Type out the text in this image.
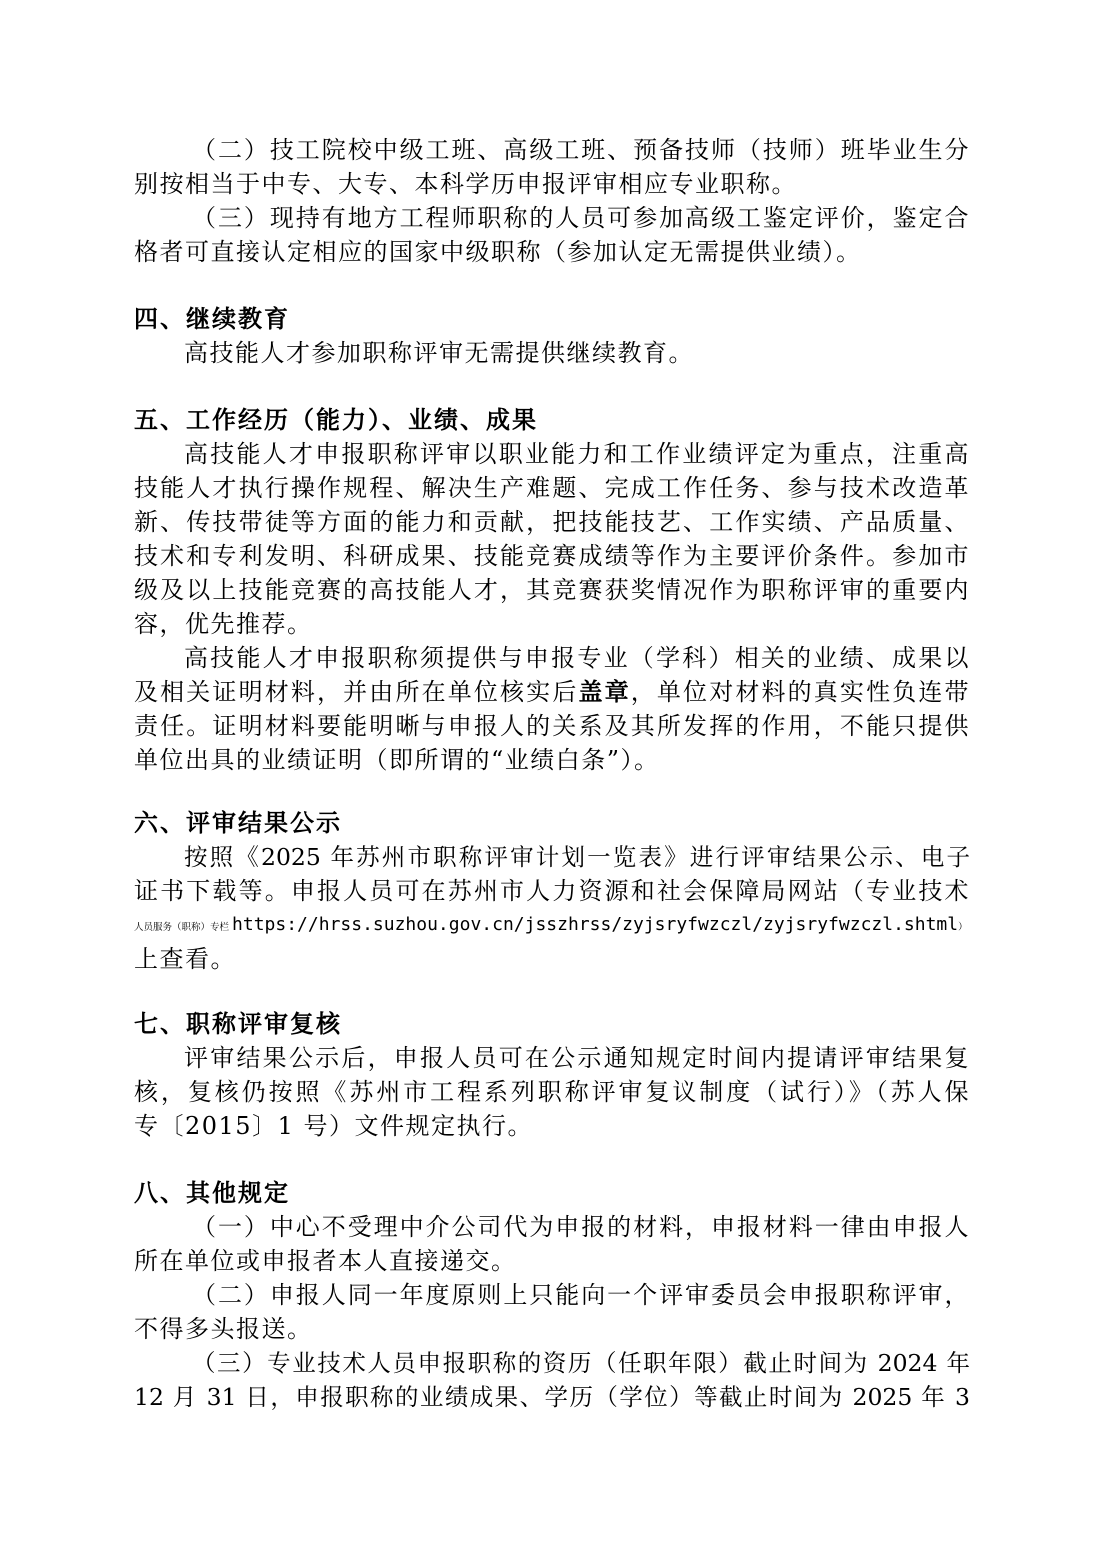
（二）技工院校中级工班、高级工班、预备技师（技师）班毕业生分
别按相当于中专、大专、本科学历申报评审相应专业职称。
（三）现持有地方工程师职称的人员可参加高级工鉴定评价，鉴定合
格者可直接认定相应的国家中级职称（参加认定无需提供业绩）。
四、继续教育
高技能人才参加职称评审无需提供继续教育。
五、工作经历（能力）、业绩、成果
高技能人才申报职称评审以职业能力和工作业绩评定为重点，注重高
技能人才执行操作规程、解决生产难题、完成工作任务、参与技术改造革
新、传技带徒等方面的能力和贡献，把技能技艺、工作实绩、产品质量、
技术和专利发明、科研成果、技能竞赛成绩等作为主要评价条件。参加市
级及以上技能竞赛的高技能人才，其竞赛获奖情况作为职称评审的重要内
容，优先推荐。
高技能人才申报职称须提供与申报专业（学科）相关的业绩、成果以
及相关证明材料，并由所在单位核实后盖章，单位对材料的真实性负连带
责任。证明材料要能明晰与申报人的关系及其所发挥的作用，不能只提供
单位出具的业绩证明（即所谓的“业绩白条”）。
六、评审结果公示
按照《2025 年苏州市职称评审计划一览表》进行评审结果公示、电子
证书下载等。申报人员可在苏州市人力资源和社会保障局网站（专业技术
人员服务（职称）专栏 https://hrss.suzhou.gov.cn/jsszhrss/zyjsryfwzczl/zyjsryfwzczl.shtml）
上查看。
七、职称评审复核
评审结果公示后，申报人员可在公示通知规定时间内提请评审结果复
核，复核仍按照《苏州市工程系列职称评审复议制度（试行）》（苏人保
专〔2015〕1 号）文件规定执行。
八、其他规定
（一）中心不受理中介公司代为申报的材料，申报材料一律由申报人
所在单位或申报者本人直接递交。
（二）申报人同一年度原则上只能向一个评审委员会申报职称评审，
不得多头报送。
（三）专业技术人员申报职称的资历（任职年限）截止时间为 2024 年
12 月 31 日，申报职称的业绩成果、学历（学位）等截止时间为 2025 年 3
